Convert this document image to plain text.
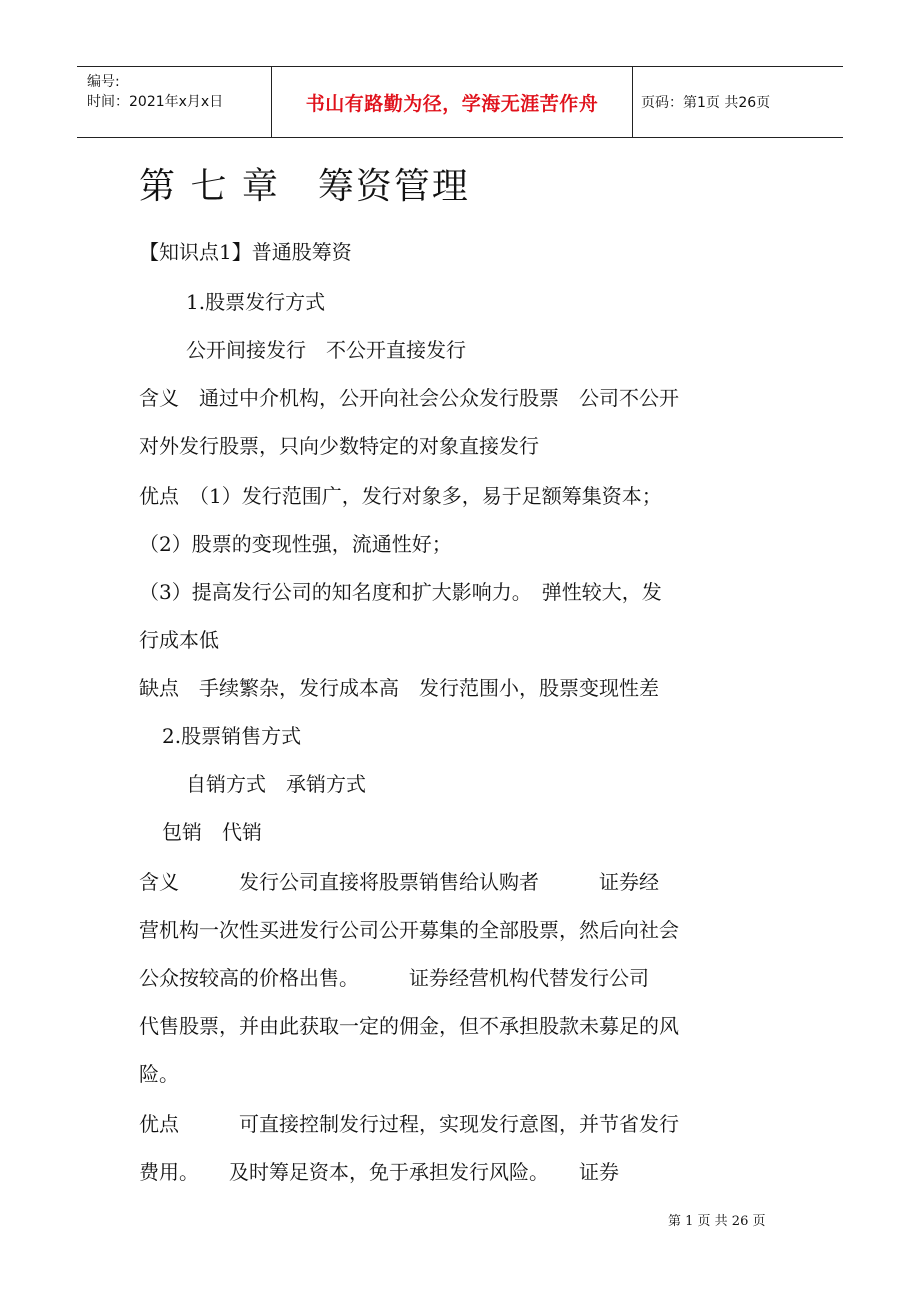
编号:
时间：2021年x月x日	书山有路勤为径，学海无涯苦作舟	页码：第1页 共26页
第 七 章　筹资管理
【知识点1】普通股筹资
1.股票发行方式
公开间接发行　不公开直接发行
含义　通过中介机构，公开向社会公众发行股票　公司不公开
对外发行股票，只向少数特定的对象直接发行
优点　（1）发行范围广，发行对象多，易于足额筹集资本；
（2）股票的变现性强，流通性好；
（3）提高发行公司的知名度和扩大影响力。　弹性较大，发
行成本低
缺点　手续繁杂，发行成本高　发行范围小，股票变现性差
2.股票销售方式
自销方式　承销方式
包销　代销
含义　　　发行公司直接将股票销售给认购者　　　证券经
营机构一次性买进发行公司公开募集的全部股票，然后向社会
公众按较高的价格出售。　　　证券经营机构代替发行公司
代售股票，并由此获取一定的佣金，但不承担股款未募足的风
险。
优点　　　可直接控制发行过程，实现发行意图，并节省发行
费用。　　及时筹足资本，免于承担发行风险。　　证券
第 1 页 共 26 页
